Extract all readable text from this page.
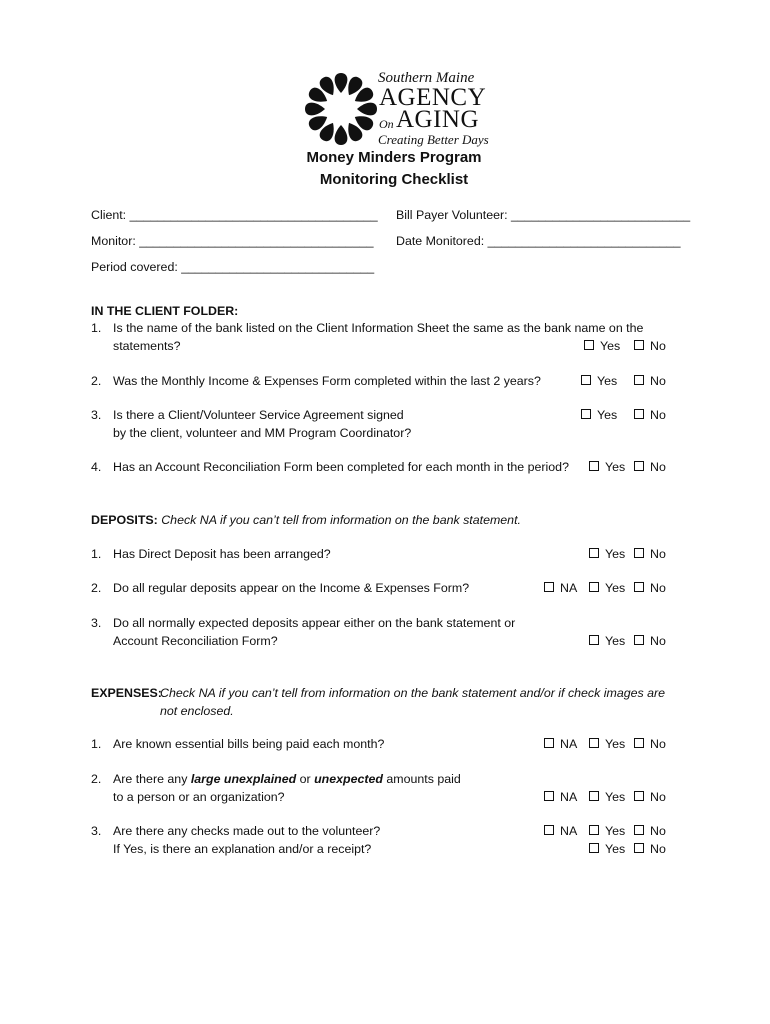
Southern Maine
AGENCY
On AGING
Creating Better Days
Money Minders Program
Monitoring Checklist
Client: ____________________________________ Bill Payer Volunteer: __________________________
Monitor: __________________________________ Date Monitored: ____________________________
Period covered: ____________________________
IN THE CLIENT FOLDER:
1. Is the name of the bank listed on the Client Information Sheet the same as the bank name on the
statements?	Yes	No
2. Was the Monthly Income & Expenses Form completed within the last 2 years?	Yes	No
3. Is there a Client/Volunteer Service Agreement signed
by the client, volunteer and MM Program Coordinator?
Yes	No
4. Has an Account Reconciliation Form been completed for each month in the period?	Yes	No
DEPOSITS: Check NA if you can’t tell from information on the bank statement.
1. Has Direct Deposit has been arranged?	Yes	No
2. Do all regular deposits appear on the Income & Expenses Form?	NA	Yes	No
3. Do all normally expected deposits appear either on the bank statement or
Account Reconciliation Form?	Yes	No
EXPENSES:
Check NA if you can’t tell from information on the bank statement and/or if check images are
not enclosed.
1. Are known essential bills being paid each month?	NA	Yes	No
2. Are there any large unexplained or unexpected amounts paid
to a person or an organization?	NA	Yes	No
3. Are there any checks made out to the volunteer?
If Yes, is there an explanation and/or a receipt?
NA	Yes	No
Yes	No
